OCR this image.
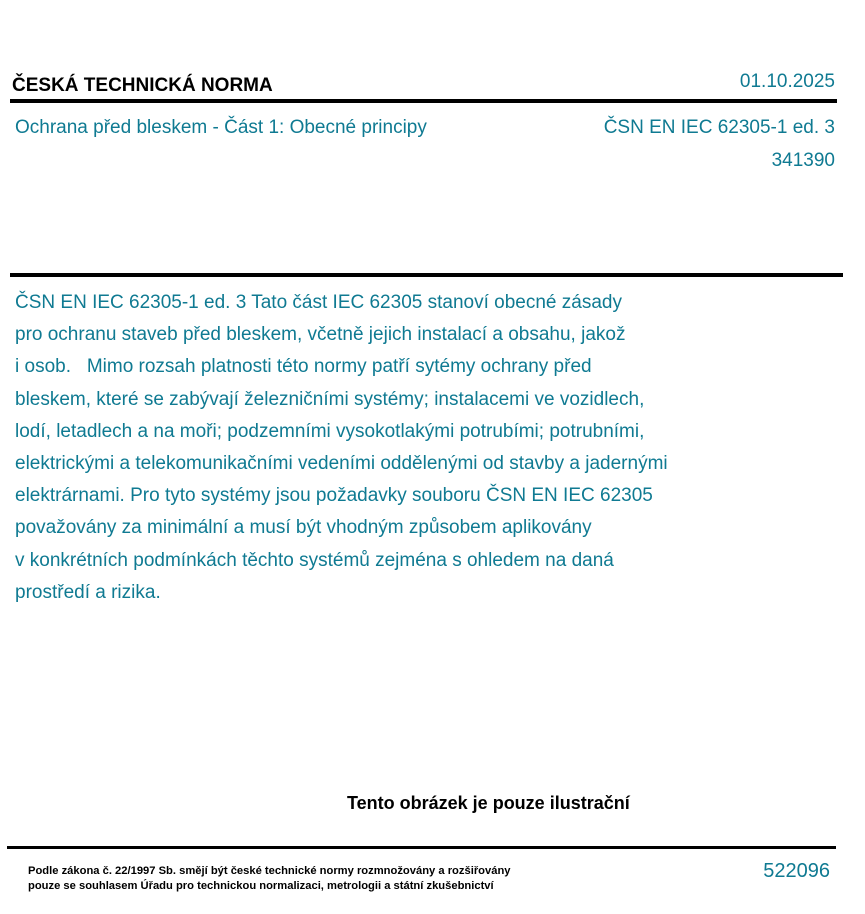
ČESKÁ TECHNICKÁ NORMA	01.10.2025
Ochrana před bleskem - Část 1: Obecné principy	ČSN EN IEC 62305-1 ed. 3
341390
ČSN EN IEC 62305-1 ed. 3 Tato část IEC 62305 stanoví obecné zásady
pro ochranu staveb před bleskem, včetně jejich instalací a obsahu, jakož
i osob.   Mimo rozsah platnosti této normy patří sytémy ochrany před
bleskem, které se zabývají železničními systémy; instalacemi ve vozidlech,
lodí, letadlech a na moři; podzemními vysokotlakými potrubími; potrubními,
elektrickými a telekomunikačními vedeními oddělenými od stavby a jadernými
elektrárnami. Pro tyto systémy jsou požadavky souboru ČSN EN IEC 62305
považovány za minimální a musí být vhodným způsobem aplikovány
v konkrétních podmínkách těchto systémů zejména s ohledem na daná
prostředí a rizika.
Tento obrázek je pouze ilustrační
Podle zákona č. 22/1997 Sb. smějí být české technické normy rozmnožovány a rozšiřovány
pouze se souhlasem Úřadu pro technickou normalizaci, metrologii a státní zkušebnictví
522096
